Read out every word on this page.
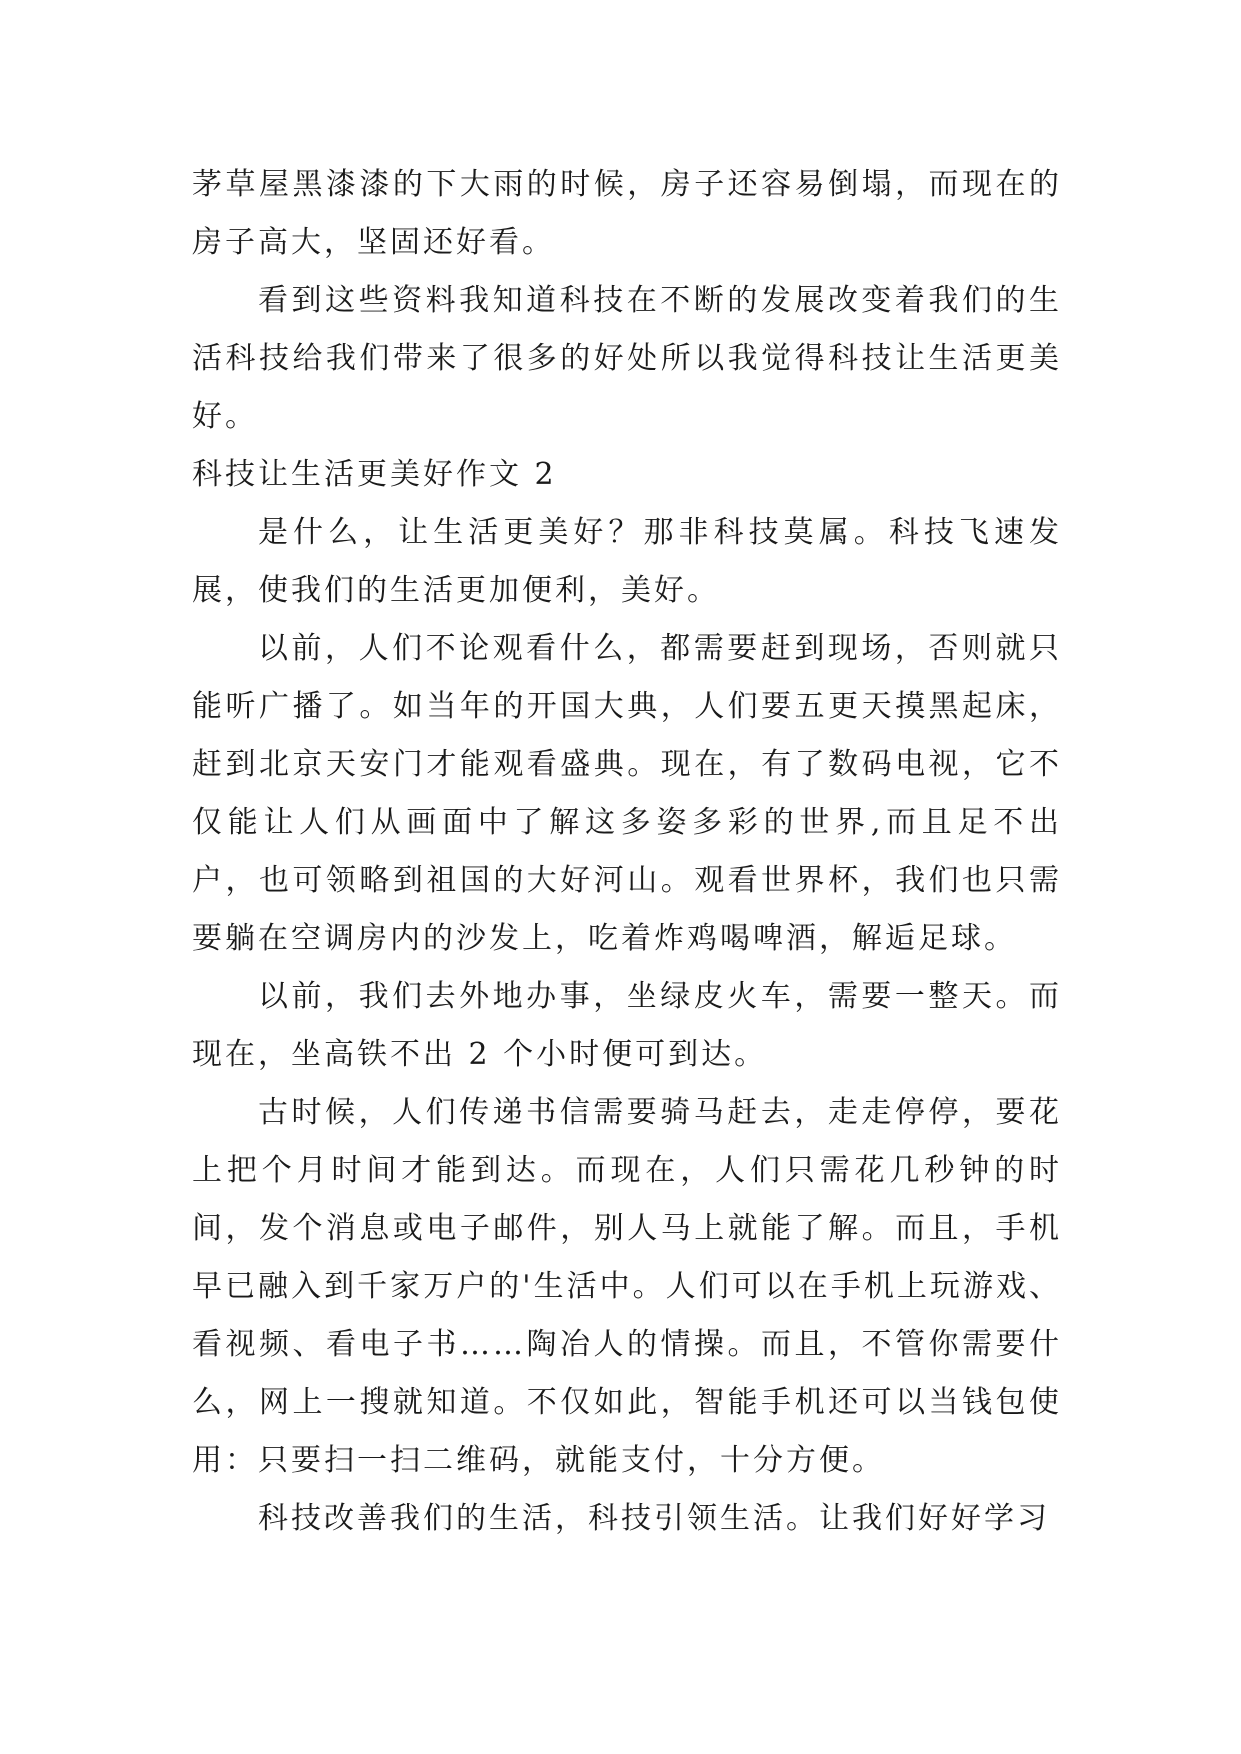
茅草屋黑漆漆的下大雨的时候，房子还容易倒塌，而现在的房子高大，坚固还好看。

看到这些资料我知道科技在不断的发展改变着我们的生活科技给我们带来了很多的好处所以我觉得科技让生活更美好。

科技让生活更美好作文 2

是什么，让生活更美好？那非科技莫属。科技飞速发展，使我们的生活更加便利，美好。

以前，人们不论观看什么，都需要赶到现场，否则就只能听广播了。如当年的开国大典，人们要五更天摸黑起床，赶到北京天安门才能观看盛典。现在，有了数码电视，它不仅能让人们从画面中了解这多姿多彩的世界,而且足不出户，也可领略到祖国的大好河山。观看世界杯，我们也只需要躺在空调房内的沙发上，吃着炸鸡喝啤酒，解逅足球。

以前，我们去外地办事，坐绿皮火车，需要一整天。而现在，坐高铁不出 2 个小时便可到达。

古时候，人们传递书信需要骑马赶去，走走停停，要花上把个月时间才能到达。而现在，人们只需花几秒钟的时间，发个消息或电子邮件，别人马上就能了解。而且，手机早已融入到千家万户的'生活中。人们可以在手机上玩游戏、看视频、看电子书……陶冶人的情操。而且，不管你需要什么，网上一搜就知道。不仅如此，智能手机还可以当钱包使用：只要扫一扫二维码，就能支付，十分方便。

科技改善我们的生活，科技引领生活。让我们好好学习
